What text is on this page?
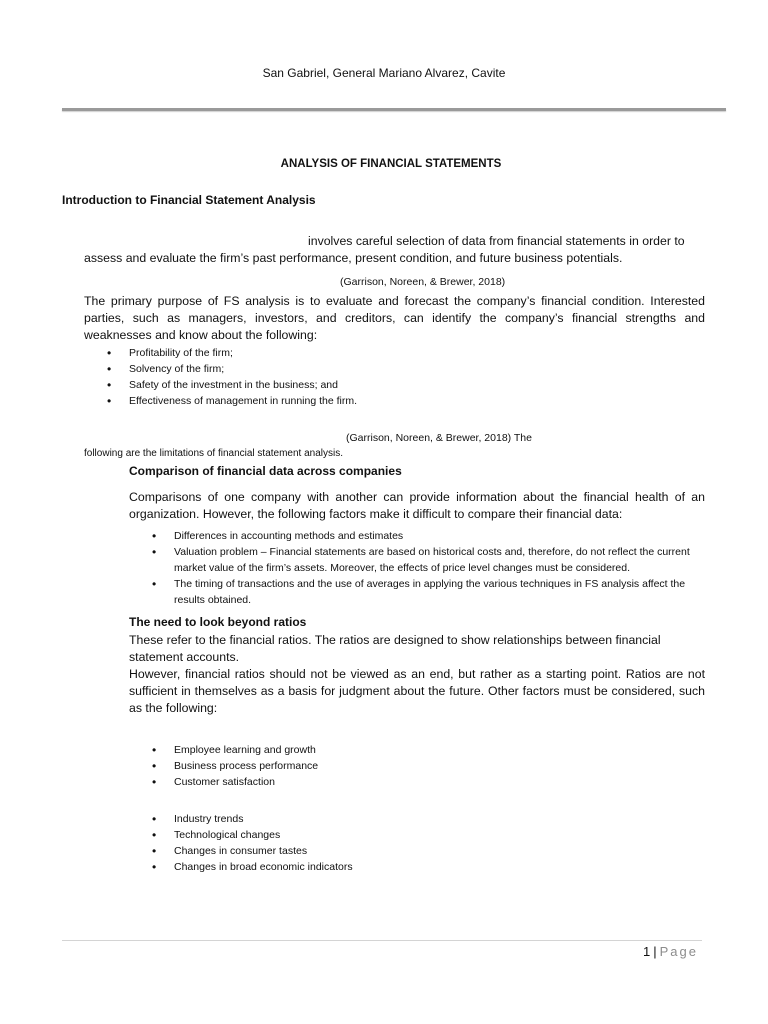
San Gabriel, General Mariano Alvarez, Cavite
ANALYSIS OF FINANCIAL STATEMENTS
Introduction to Financial Statement Analysis
involves careful selection of data from financial statements in order to
assess and evaluate the firm’s past performance, present condition, and future business potentials.
(Garrison, Noreen, & Brewer, 2018)
The primary purpose of FS analysis is to evaluate and forecast the company’s financial condition. Interested parties, such as managers, investors, and creditors, can identify the company’s financial strengths and weaknesses and know about the following:
• Profitability of the firm;
• Solvency of the firm;
• Safety of the investment in the business; and
• Effectiveness of management in running the firm.
(Garrison, Noreen, & Brewer, 2018) The
following are the limitations of financial statement analysis.
Comparison of financial data across companies
Comparisons of one company with another can provide information about the financial health of an organization. However, the following factors make it difficult to compare their financial data:
• Differences in accounting methods and estimates
• Valuation problem – Financial statements are based on historical costs and, therefore, do not reflect the current market value of the firm’s assets. Moreover, the effects of price level changes must be considered.
• The timing of transactions and the use of averages in applying the various techniques in FS analysis affect the results obtained.
The need to look beyond ratios
These refer to the financial ratios. The ratios are designed to show relationships between financial statement accounts.
However, financial ratios should not be viewed as an end, but rather as a starting point. Ratios are not sufficient in themselves as a basis for judgment about the future. Other factors must be considered, such as the following:
• Employee learning and growth
• Business process performance
• Customer satisfaction
• Industry trends
• Technological changes
• Changes in consumer tastes
• Changes in broad economic indicators
1 | Page
